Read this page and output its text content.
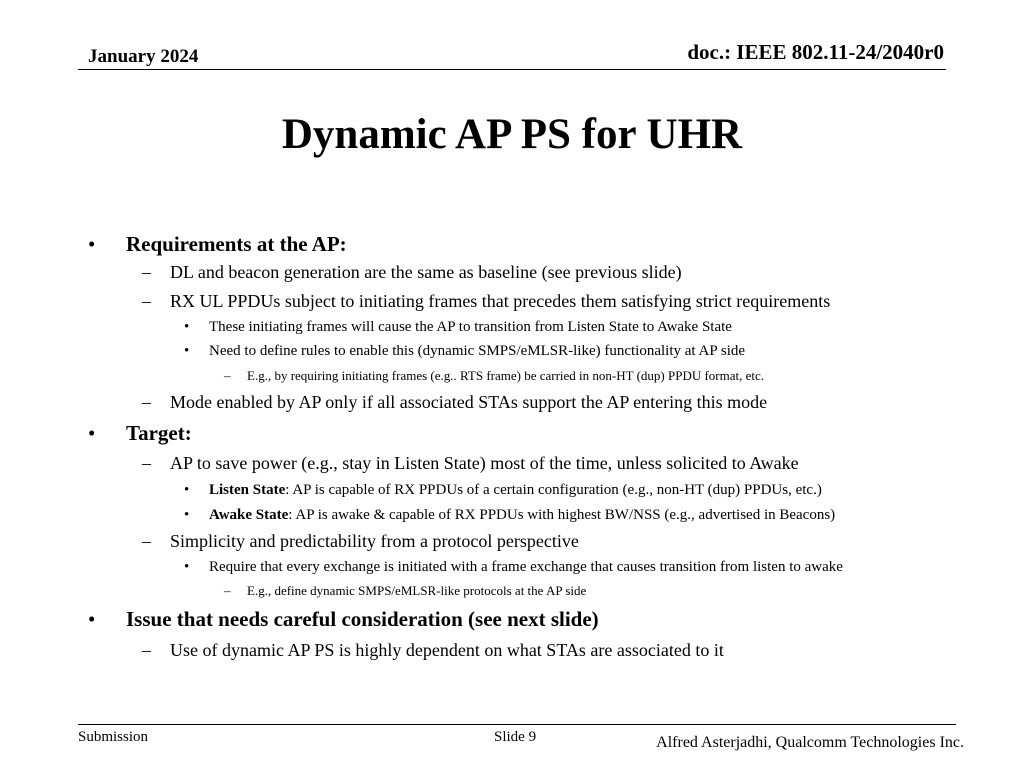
January 2024	doc.: IEEE 802.11-24/2040r0
Dynamic AP PS for UHR
• Requirements at the AP:
– DL and beacon generation are the same as baseline (see previous slide)
– RX UL PPDUs subject to initiating frames that precedes them satisfying strict requirements
• These initiating frames will cause the AP to transition from Listen State to Awake State
• Need to define rules to enable this (dynamic SMPS/eMLSR-like) functionality at AP side
– E.g., by requiring initiating frames (e.g.. RTS frame) be carried in non-HT (dup) PPDU format, etc.
– Mode enabled by AP only if all associated STAs support the AP entering this mode
• Target:
– AP to save power (e.g., stay in Listen State) most of the time, unless solicited to Awake
• Listen State: AP is capable of RX PPDUs of a certain configuration (e.g., non-HT (dup) PPDUs, etc.)
• Awake State: AP is awake & capable of RX PPDUs with highest BW/NSS (e.g., advertised in Beacons)
– Simplicity and predictability from a protocol perspective
• Require that every exchange is initiated with a frame exchange that causes transition from listen to awake
– E.g., define dynamic SMPS/eMLSR-like protocols at the AP side
• Issue that needs careful consideration (see next slide)
– Use of dynamic AP PS is highly dependent on what STAs are associated to it
Submission	Slide 9	Alfred Asterjadhi, Qualcomm Technologies Inc.
